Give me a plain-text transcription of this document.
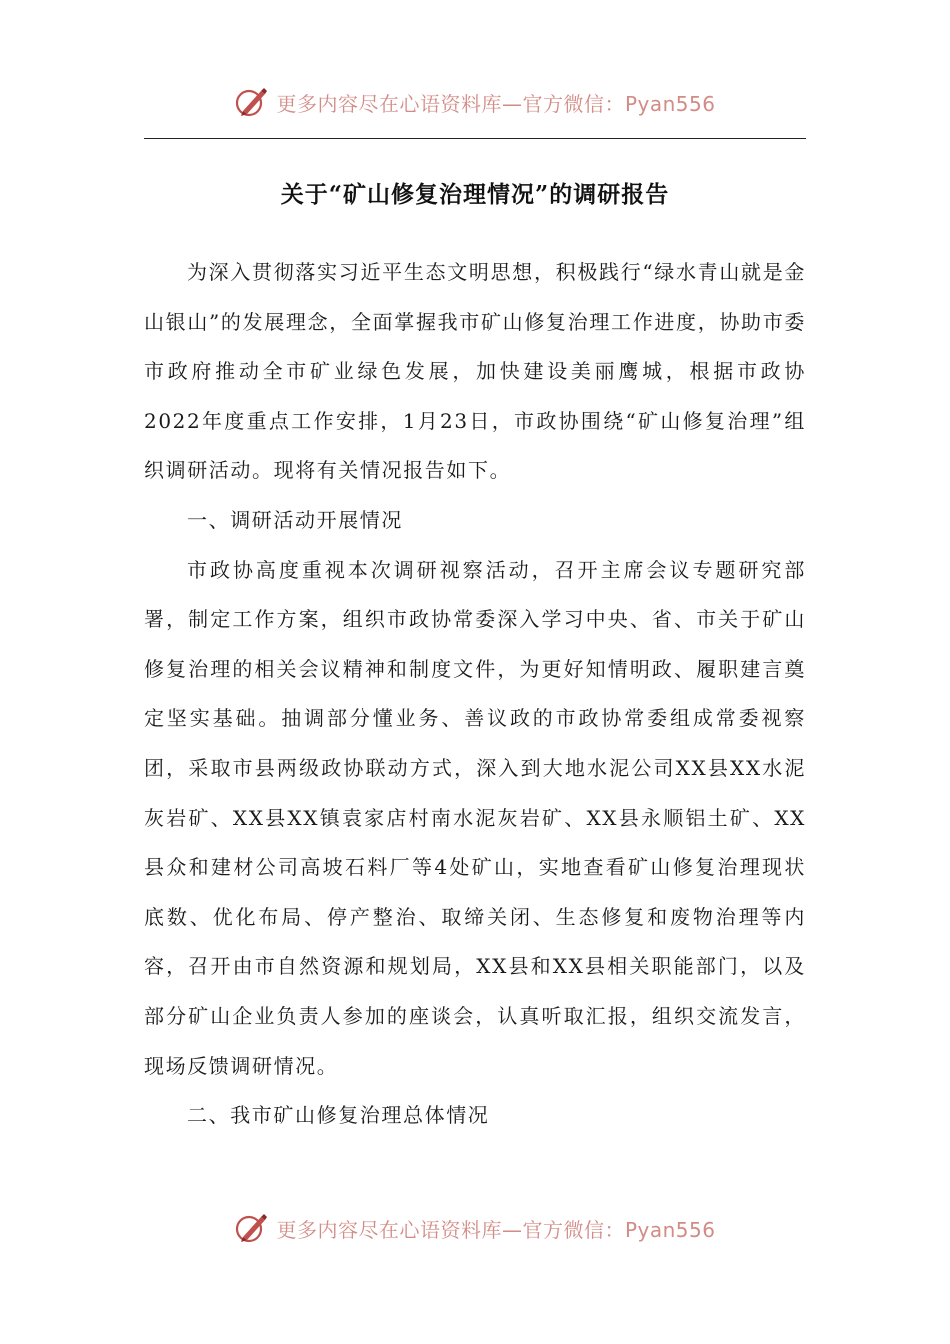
更多内容尽在心语资料库—官方微信：Pyan556
关于“矿山修复治理情况”的调研报告

为深入贯彻落实习近平生态文明思想，积极践行“绿水青山就是金山银山”的发展理念，全面掌握我市矿山修复治理工作进度，协助市委市政府推动全市矿业绿色发展，加快建设美丽鹰城，根据市政协2022年度重点工作安排，1月23日，市政协围绕“矿山修复治理”组织调研活动。现将有关情况报告如下。

一、调研活动开展情况

市政协高度重视本次调研视察活动，召开主席会议专题研究部署，制定工作方案，组织市政协常委深入学习中央、省、市关于矿山修复治理的相关会议精神和制度文件，为更好知情明政、履职建言奠定坚实基础。抽调部分懂业务、善议政的市政协常委组成常委视察团，采取市县两级政协联动方式，深入到大地水泥公司XX县XX水泥灰岩矿、XX县XX镇袁家店村南水泥灰岩矿、XX县永顺铝土矿、XX县众和建材公司高坡石料厂等4处矿山，实地查看矿山修复治理现状底数、优化布局、停产整治、取缔关闭、生态修复和废物治理等内容，召开由市自然资源和规划局，XX县和XX县相关职能部门，以及部分矿山企业负责人参加的座谈会，认真听取汇报，组织交流发言，现场反馈调研情况。

二、我市矿山修复治理总体情况

更多内容尽在心语资料库—官方微信：Pyan556
